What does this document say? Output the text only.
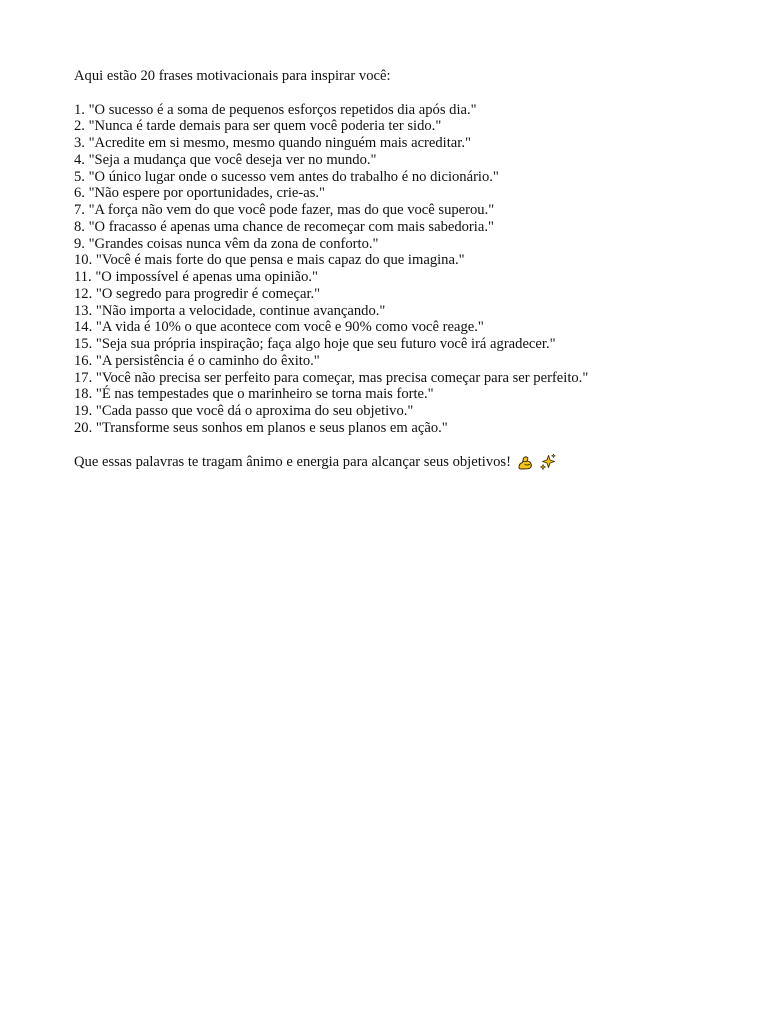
Aqui estão 20 frases motivacionais para inspirar você:

1. "O sucesso é a soma de pequenos esforços repetidos dia após dia."
2. "Nunca é tarde demais para ser quem você poderia ter sido."
3. "Acredite em si mesmo, mesmo quando ninguém mais acreditar."
4. "Seja a mudança que você deseja ver no mundo."
5. "O único lugar onde o sucesso vem antes do trabalho é no dicionário."
6. "Não espere por oportunidades, crie-as."
7. "A força não vem do que você pode fazer, mas do que você superou."
8. "O fracasso é apenas uma chance de recomeçar com mais sabedoria."
9. "Grandes coisas nunca vêm da zona de conforto."
10. "Você é mais forte do que pensa e mais capaz do que imagina."
11. "O impossível é apenas uma opinião."
12. "O segredo para progredir é começar."
13. "Não importa a velocidade, continue avançando."
14. "A vida é 10% o que acontece com você e 90% como você reage."
15. "Seja sua própria inspiração; faça algo hoje que seu futuro você irá agradecer."
16. "A persistência é o caminho do êxito."
17. "Você não precisa ser perfeito para começar, mas precisa começar para ser perfeito."
18. "É nas tempestades que o marinheiro se torna mais forte."
19. "Cada passo que você dá o aproxima do seu objetivo."
20. "Transforme seus sonhos em planos e seus planos em ação."

Que essas palavras te tragam ânimo e energia para alcançar seus objetivos!
